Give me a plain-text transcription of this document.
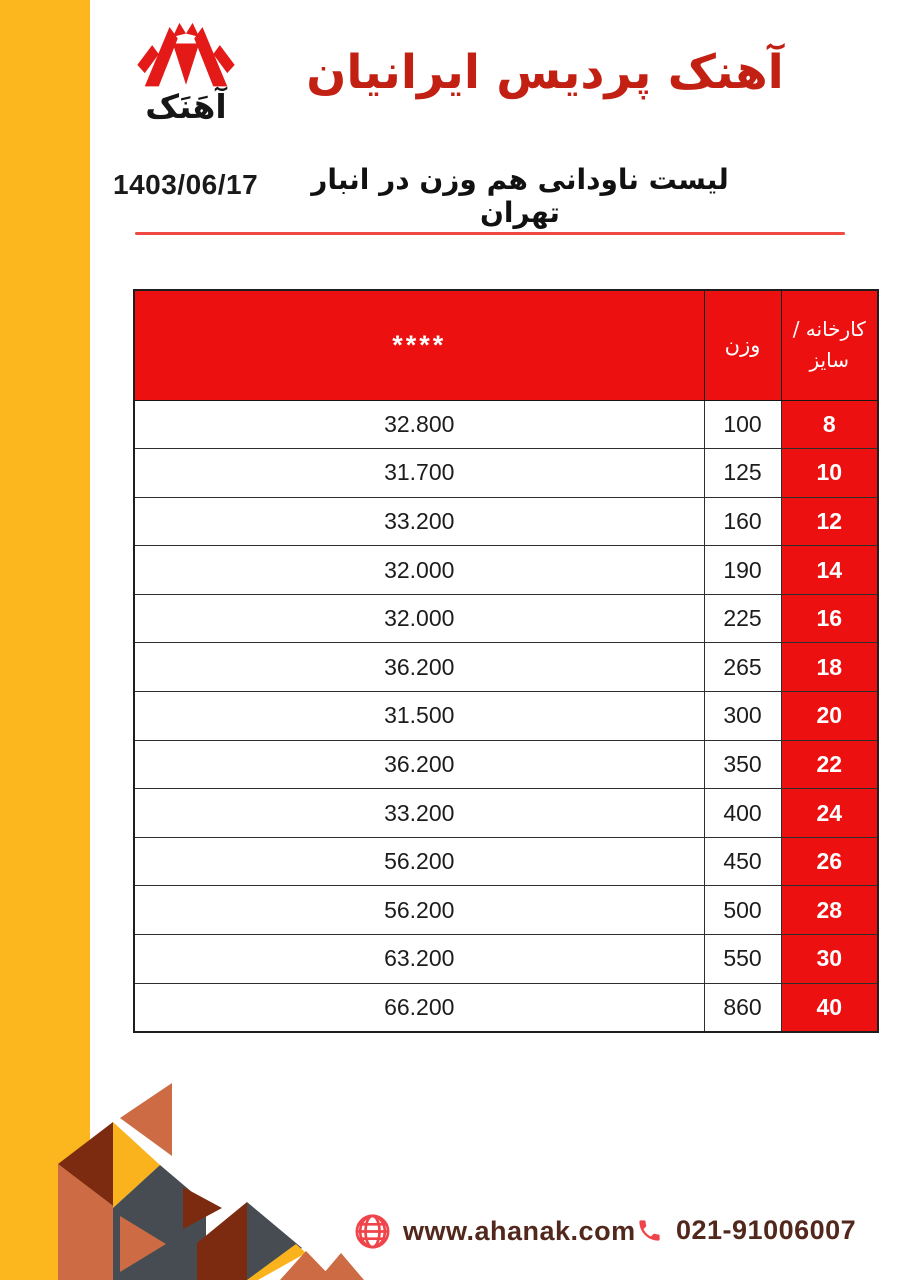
آهَنَک
آهنک پردیس ایرانیان
1403/06/17	لیست ناودانی هم وزن در انبار تهران
****	وزن	کارخانه / سایز
32.800	100	8
31.700	125	10
33.200	160	12
32.000	190	14
32.000	225	16
36.200	265	18
31.500	300	20
36.200	350	22
33.200	400	24
56.200	450	26
56.200	500	28
63.200	550	30
66.200	860	40
www.ahanak.com 021-91006007
